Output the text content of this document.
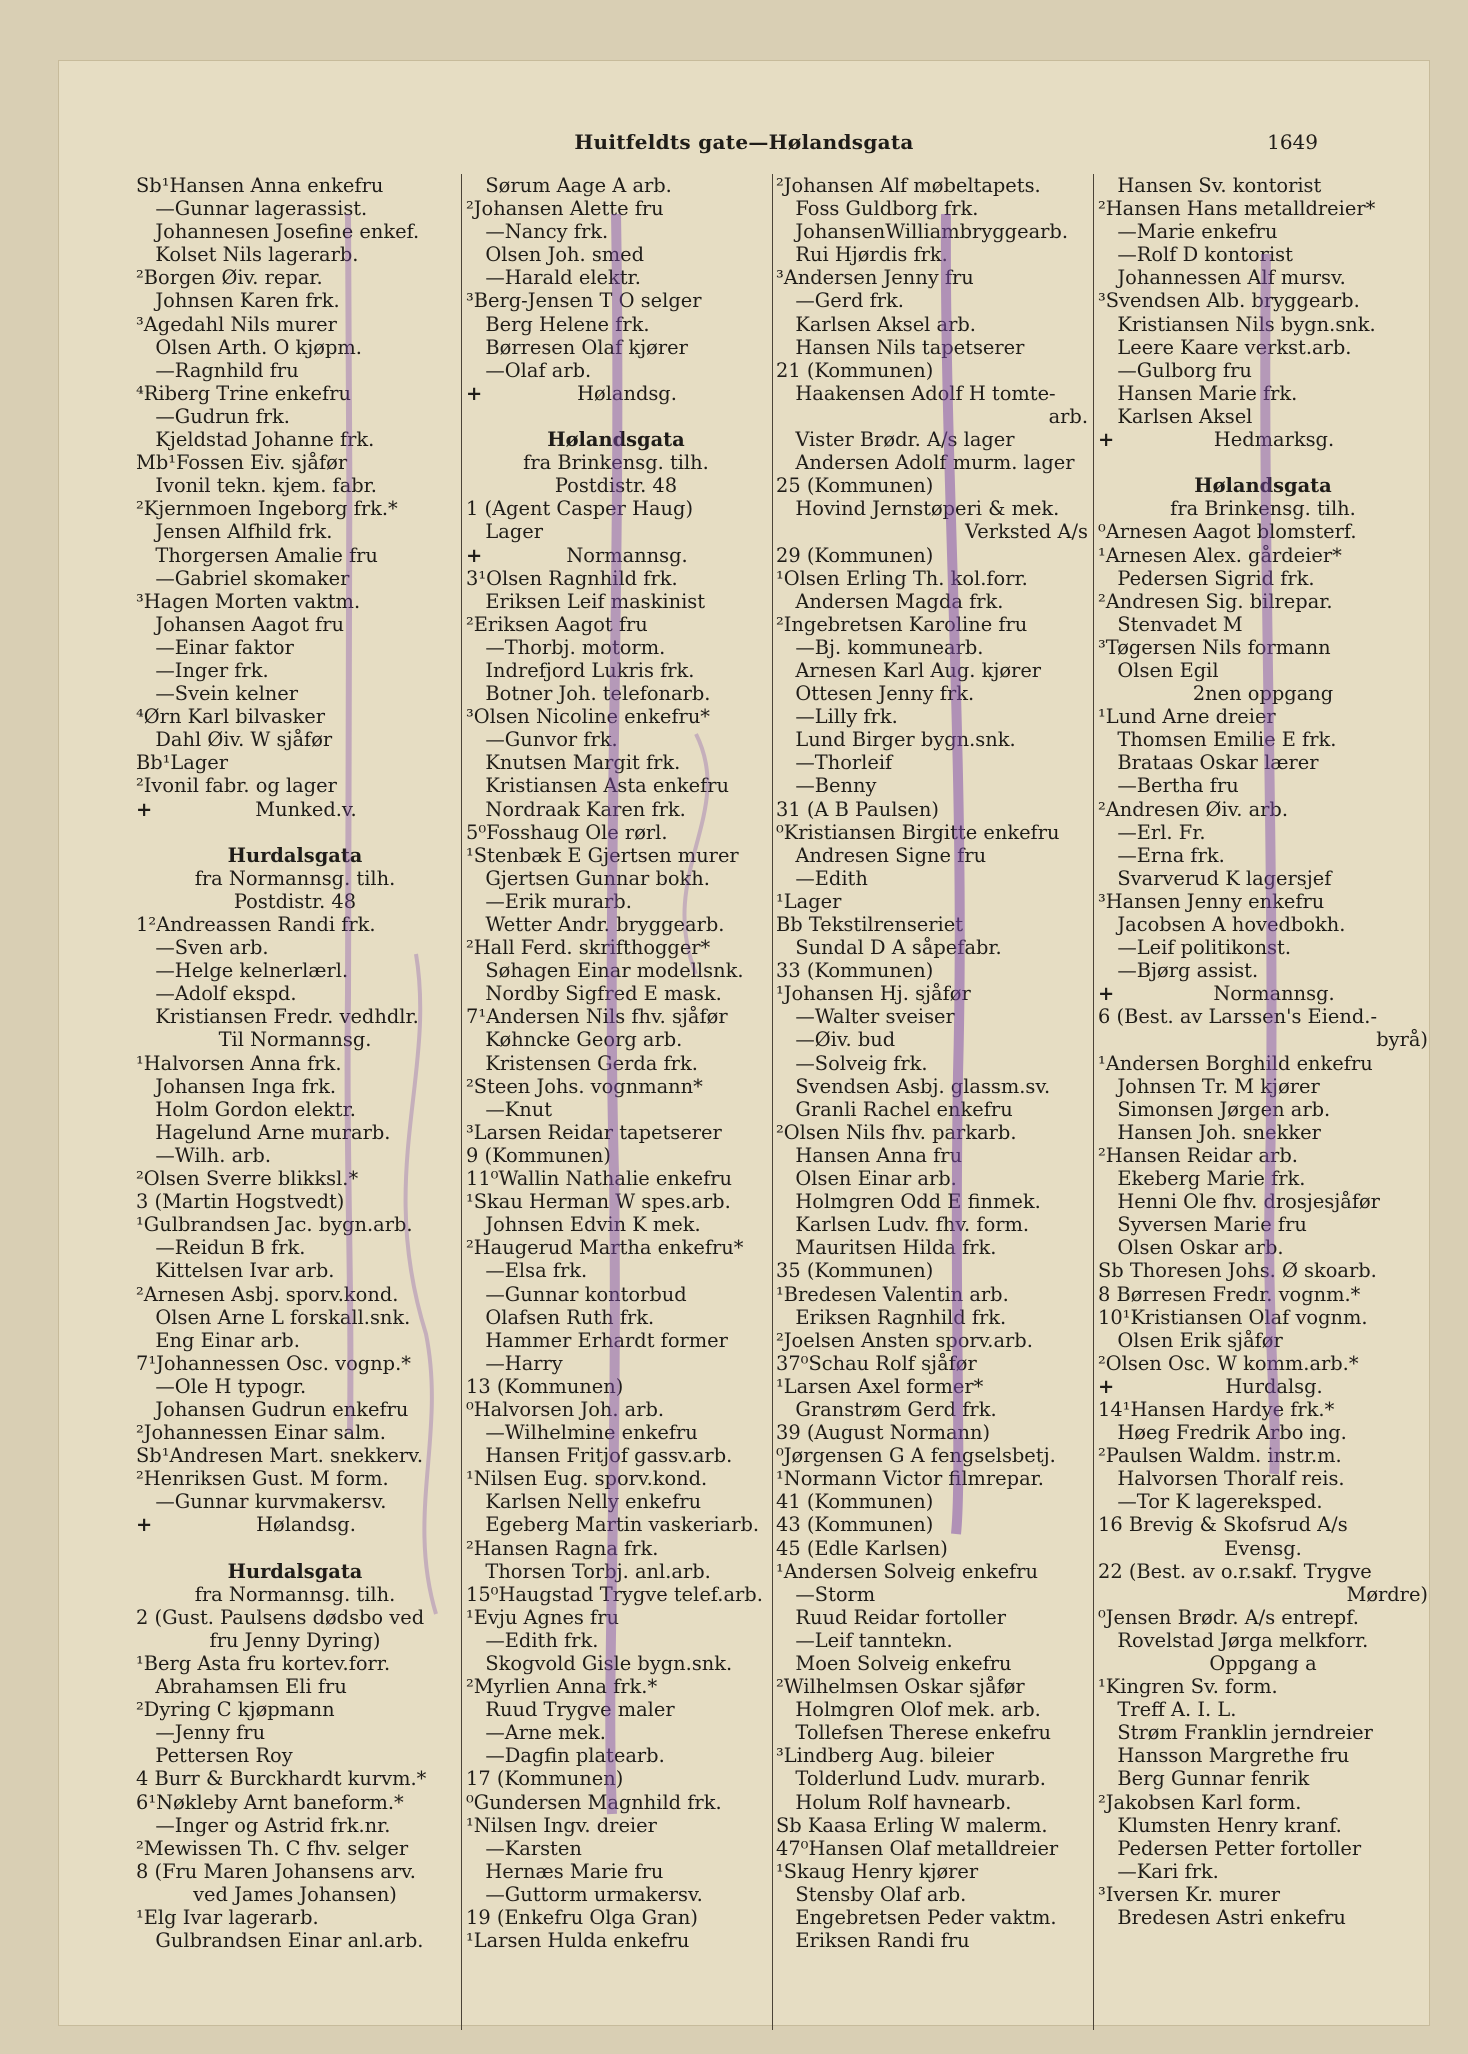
Huitfeldts gate—Hølandsgata	1649
Sb¹Hansen Anna enkefru
 —Gunnar lagerassist.
 Johannesen Josefine enkef.
 Kolset Nils lagerarb.
²Borgen Øiv. repar.
 Johnsen Karen frk.
³Agedahl Nils murer
 Olsen Arth. O kjøpm.
 —Ragnhild fru
⁴Riberg Trine enkefru
 —Gudrun frk.
 Kjeldstad Johanne frk.
Mb¹Fossen Eiv. sjåfør
 Ivonil tekn. kjem. fabr.
²Kjernmoen Ingeborg frk.*
 Jensen Alfhild frk.
 Thorgersen Amalie fru
 —Gabriel skomaker
³Hagen Morten vaktm.
 Johansen Aagot fru
 —Einar faktor
 —Inger frk.
 —Svein kelner
⁴Ørn Karl bilvasker
 Dahl Øiv. W sjåfør
Bb¹Lager
²Ivonil fabr. og lager
+	Munked.v.

Hurdalsgata
fra Normannsg. tilh.
Postdistr. 48
1²Andreassen Randi frk.
 —Sven arb.
 —Helge kelnerlærl.
 —Adolf ekspd.
 Kristiansen Fredr. vedhdlr.
Til Normannsg.
¹Halvorsen Anna frk.
 Johansen Inga frk.
 Holm Gordon elektr.
 Hagelund Arne murarb.
 —Wilh. arb.
²Olsen Sverre blikksl.*
3 (Martin Hogstvedt)
¹Gulbrandsen Jac. bygn.arb.
 —Reidun B frk.
 Kittelsen Ivar arb.
²Arnesen Asbj. sporv.kond.
 Olsen Arne L forskall.snk.
 Eng Einar arb.
7¹Johannessen Osc. vognp.*
 —Ole H typogr.
 Johansen Gudrun enkefru
²Johannessen Einar salm.
Sb¹Andresen Mart. snekkerv.
²Henriksen Gust. M form.
 —Gunnar kurvmakersv.
+	Hølandsg.

Hurdalsgata
fra Normannsg. tilh.
2 (Gust. Paulsens dødsbo ved
fru Jenny Dyring)
¹Berg Asta fru kortev.forr.
 Abrahamsen Eli fru
²Dyring C kjøpmann
 —Jenny fru
 Pettersen Roy
4 Burr & Burckhardt kurvm.*
6¹Nøkleby Arnt baneform.*
 —Inger og Astrid frk.nr.
²Mewissen Th. C fhv. selger
8 (Fru Maren Johansens arv.
ved James Johansen)
¹Elg Ivar lagerarb.
 Gulbrandsen Einar anl.arb.
 Sørum Aage A arb.
²Johansen Alette fru
 —Nancy frk.
 Olsen Joh. smed
 —Harald elektr.
³Berg-Jensen T O selger
 Berg Helene frk.
 Børresen Olaf kjører
 —Olaf arb.
+	Hølandsg.

Hølandsgata
fra Brinkensg. tilh.
Postdistr. 48
1 (Agent Casper Haug)
 Lager
+	Normannsg.
3¹Olsen Ragnhild frk.
 Eriksen Leif maskinist
²Eriksen Aagot fru
 —Thorbj. motorm.
 Indrefjord Lukris frk.
 Botner Joh. telefonarb.
³Olsen Nicoline enkefru*
 —Gunvor frk.
 Knutsen Margit frk.
 Kristiansen Asta enkefru
 Nordraak Karen frk.
5⁰Fosshaug Ole rørl.
¹Stenbæk E Gjertsen murer
 Gjertsen Gunnar bokh.
 —Erik murarb.
 Wetter Andr. bryggearb.
²Hall Ferd. skrifthogger*
 Søhagen Einar modellsnk.
 Nordby Sigfred E mask.
7¹Andersen Nils fhv. sjåfør
 Køhncke Georg arb.
 Kristensen Gerda frk.
²Steen Johs. vognmann*
 —Knut
³Larsen Reidar tapetserer
9 (Kommunen)
11⁰Wallin Nathalie enkefru
¹Skau Herman W spes.arb.
 Johnsen Edvin K mek.
²Haugerud Martha enkefru*
 —Elsa frk.
 —Gunnar kontorbud
 Olafsen Ruth frk.
 Hammer Erhardt former
 —Harry
13 (Kommunen)
⁰Halvorsen Joh. arb.
 —Wilhelmine enkefru
 Hansen Fritjof gassv.arb.
¹Nilsen Eug. sporv.kond.
 Karlsen Nelly enkefru
 Egeberg Martin vaskeriarb.
²Hansen Ragna frk.
 Thorsen Torbj. anl.arb.
15⁰Haugstad Trygve telef.arb.
¹Evju Agnes fru
 —Edith frk.
 Skogvold Gisle bygn.snk.
²Myrlien Anna frk.*
 Ruud Trygve maler
 —Arne mek.
 —Dagfin platearb.
17 (Kommunen)
⁰Gundersen Magnhild frk.
¹Nilsen Ingv. dreier
 —Karsten
 Hernæs Marie fru
 —Guttorm urmakersv.
19 (Enkefru Olga Gran)
¹Larsen Hulda enkefru
²Johansen Alf møbeltapets.
 Foss Guldborg frk.
 JohansenWilliambryggearb.
 Rui Hjørdis frk.
³Andersen Jenny fru
 —Gerd frk.
 Karlsen Aksel arb.
 Hansen Nils tapetserer
21 (Kommunen)
 Haakensen Adolf H tomte-
arb.
 Vister Brødr. A/s lager
 Andersen Adolf murm. lager
25 (Kommunen)
 Hovind Jernstøperi & mek.
Verksted A/s
29 (Kommunen)
¹Olsen Erling Th. kol.forr.
 Andersen Magda frk.
²Ingebretsen Karoline fru
 —Bj. kommunearb.
 Arnesen Karl Aug. kjører
 Ottesen Jenny frk.
 —Lilly frk.
 Lund Birger bygn.snk.
 —Thorleif
 —Benny
31 (A B Paulsen)
⁰Kristiansen Birgitte enkefru
 Andresen Signe fru
 —Edith
¹Lager
Bb Tekstilrenseriet
 Sundal D A såpefabr.
33 (Kommunen)
¹Johansen Hj. sjåfør
 —Walter sveiser
 —Øiv. bud
 —Solveig frk.
 Svendsen Asbj. glassm.sv.
 Granli Rachel enkefru
²Olsen Nils fhv. parkarb.
 Hansen Anna fru
 Olsen Einar arb.
 Holmgren Odd E finmek.
 Karlsen Ludv. fhv. form.
 Mauritsen Hilda frk.
35 (Kommunen)
¹Bredesen Valentin arb.
 Eriksen Ragnhild frk.
²Joelsen Ansten sporv.arb.
37⁰Schau Rolf sjåfør
¹Larsen Axel former*
 Granstrøm Gerd frk.
39 (August Normann)
⁰Jørgensen G A fengselsbetj.
¹Normann Victor filmrepar.
41 (Kommunen)
43 (Kommunen)
45 (Edle Karlsen)
¹Andersen Solveig enkefru
 —Storm
 Ruud Reidar fortoller
 —Leif tanntekn.
 Moen Solveig enkefru
²Wilhelmsen Oskar sjåfør
 Holmgren Olof mek. arb.
 Tollefsen Therese enkefru
³Lindberg Aug. bileier
 Tolderlund Ludv. murarb.
 Holum Rolf havnearb.
Sb Kaasa Erling W malerm.
47⁰Hansen Olaf metalldreier
¹Skaug Henry kjører
 Stensby Olaf arb.
 Engebretsen Peder vaktm.
 Eriksen Randi fru
 Hansen Sv. kontorist
²Hansen Hans metalldreier*
 —Marie enkefru
 —Rolf D kontorist
 Johannessen Alf mursv.
³Svendsen Alb. bryggearb.
 Kristiansen Nils bygn.snk.
 Leere Kaare verkst.arb.
 —Gulborg fru
 Hansen Marie frk.
 Karlsen Aksel
+	Hedmarksg.

Hølandsgata
fra Brinkensg. tilh.
⁰Arnesen Aagot blomsterf.
¹Arnesen Alex. gårdeier*
 Pedersen Sigrid frk.
²Andresen Sig. bilrepar.
 Stenvadet M
³Tøgersen Nils formann
 Olsen Egil
2nen oppgang
¹Lund Arne dreier
 Thomsen Emilie E frk.
 Brataas Oskar lærer
 —Bertha fru
²Andresen Øiv. arb.
 —Erl. Fr.
 —Erna frk.
 Svarverud K lagersjef
³Hansen Jenny enkefru
 Jacobsen A hovedbokh.
 —Leif politikonst.
 —Bjørg assist.
+	Normannsg.
6 (Best. av Larssen's Eiend.-
byrå)
¹Andersen Borghild enkefru
 Johnsen Tr. M kjører
 Simonsen Jørgen arb.
 Hansen Joh. snekker
²Hansen Reidar arb.
 Ekeberg Marie frk.
 Henni Ole fhv. drosjesjåfør
 Syversen Marie fru
 Olsen Oskar arb.
Sb Thoresen Johs. Ø skoarb.
8 Børresen Fredr. vognm.*
10¹Kristiansen Olaf vognm.
 Olsen Erik sjåfør
²Olsen Osc. W komm.arb.*
+	Hurdalsg.
14¹Hansen Hardye frk.*
 Høeg Fredrik Arbo ing.
²Paulsen Waldm. instr.m.
 Halvorsen Thoralf reis.
 —Tor K lagereksped.
16 Brevig & Skofsrud A/s
Evensg.
22 (Best. av o.r.sakf. Trygve
Mørdre)
⁰Jensen Brødr. A/s entrepf.
 Rovelstad Jørga melkforr.
Oppgang a
¹Kingren Sv. form.
 Treff A. I. L.
 Strøm Franklin jerndreier
 Hansson Margrethe fru
 Berg Gunnar fenrik
²Jakobsen Karl form.
 Klumsten Henry kranf.
 Pedersen Petter fortoller
 —Kari frk.
³Iversen Kr. murer
 Bredesen Astri enkefru
